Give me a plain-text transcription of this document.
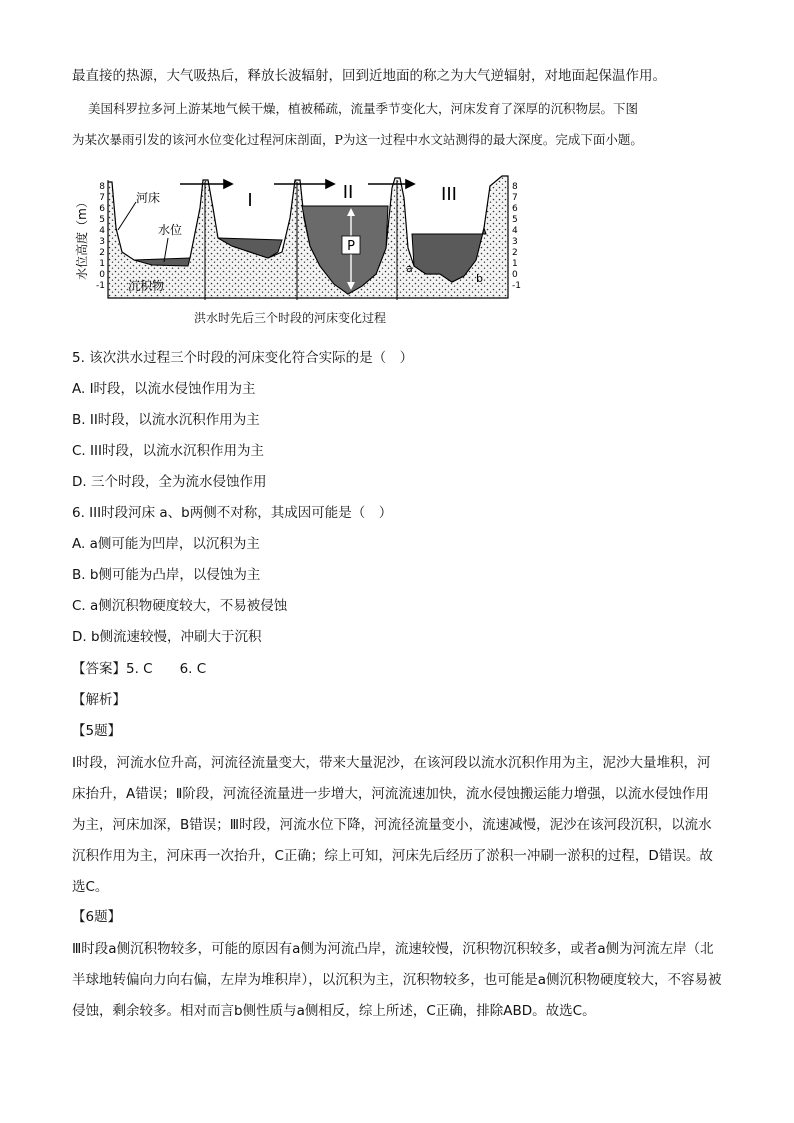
最直接的热源，大气吸热后，释放长波辐射，回到近地面的称之为大气逆辐射，对地面起保温作用。
美国科罗拉多河上游某地气候干燥，植被稀疏，流量季节变化大，河床发育了深厚的沉积物层。下图
为某次暴雨引发的该河水位变化过程河床剖面，P为这一过程中水文站测得的最大深度。完成下面小题。
水位高度（m）
8
7
6
5
4
3
2
1
0
-1
8
7
6
5
4
3
2
1
0
-1
I	II	III
P
河床
水位
沉积物
a
b
洪水时先后三个时段的河床变化过程
5. 该次洪水过程三个时段的河床变化符合实际的是（　）
A. I时段，以流水侵蚀作用为主
B. II时段，以流水沉积作用为主
C. III时段，以流水沉积作用为主
D. 三个时段，全为流水侵蚀作用
6. III时段河床 a、b两侧不对称，其成因可能是（　）
A. a侧可能为凹岸，以沉积为主
B. b侧可能为凸岸，以侵蚀为主
C. a侧沉积物硬度较大，不易被侵蚀
D. b侧流速较慢，冲刷大于沉积
【答案】5. C　　6. C
【解析】
【5题】
I时段，河流水位升高，河流径流量变大，带来大量泥沙，在该河段以流水沉积作用为主，泥沙大量堆积，河床抬升，A错误；Ⅱ阶段，河流径流量进一步增大，河流流速加快，流水侵蚀搬运能力增强，以流水侵蚀作用为主，河床加深，B错误；Ⅲ时段，河流水位下降，河流径流量变小，流速减慢，泥沙在该河段沉积，以流水沉积作用为主，河床再一次抬升，C正确；综上可知，河床先后经历了淤积一冲刷一淤积的过程，D错误。故选C。
【6题】
Ⅲ时段a侧沉积物较多，可能的原因有a侧为河流凸岸，流速较慢，沉积物沉积较多，或者a侧为河流左岸（北半球地转偏向力向右偏，左岸为堆积岸），以沉积为主，沉积物较多，也可能是a侧沉积物硬度较大，不容易被侵蚀，剩余较多。相对而言b侧性质与a侧相反，综上所述，C正确，排除ABD。故选C。
